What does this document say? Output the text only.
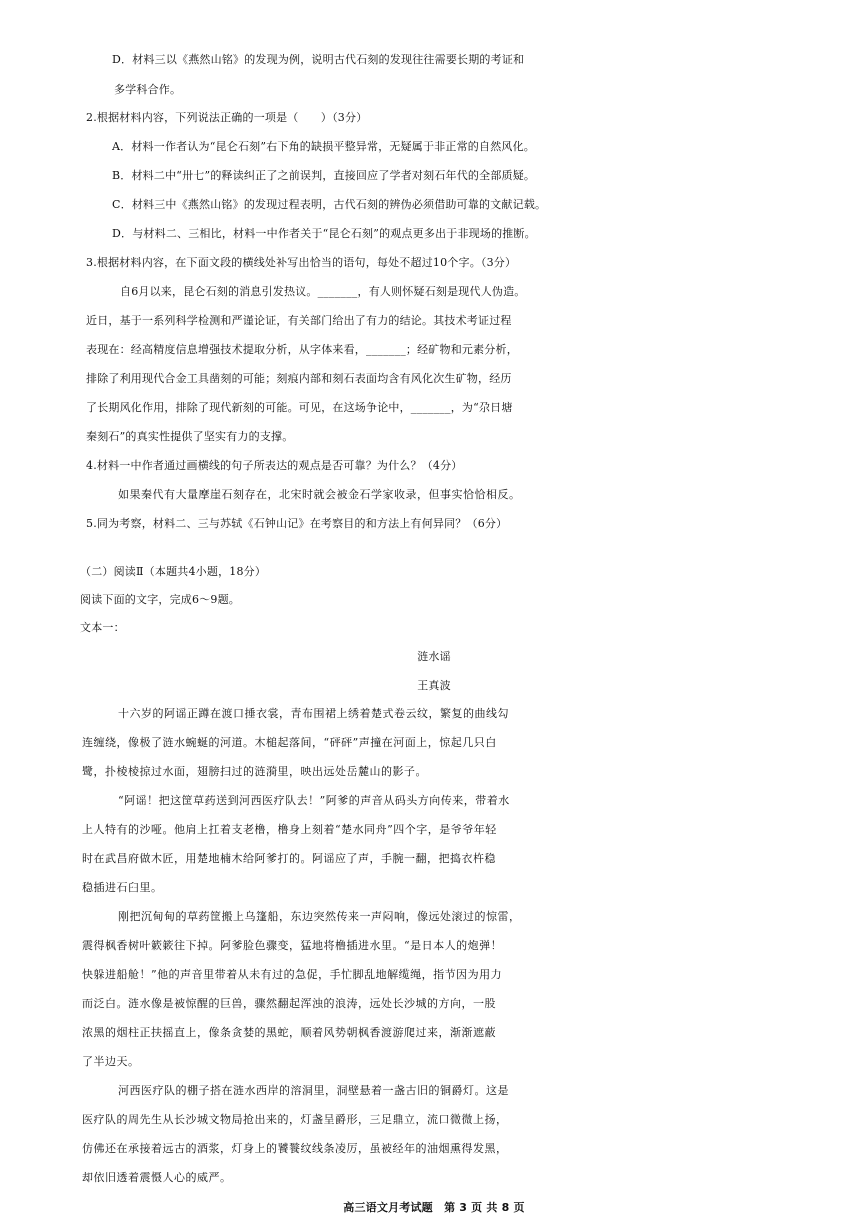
D．材料三以《燕然山铭》的发现为例，说明古代石刻的发现往往需要长期的考证和
多学科合作。
2.根据材料内容，下列说法正确的一项是（　　）（3分）
A．材料一作者认为“昆仑石刻”右下角的缺损平整异常，无疑属于非正常的自然风化。
B．材料二中“卅七”的释读纠正了之前误判，直接回应了学者对刻石年代的全部质疑。
C．材料三中《燕然山铭》的发现过程表明，古代石刻的辨伪必须借助可靠的文献记载。
D．与材料二、三相比，材料一中作者关于“昆仑石刻”的观点更多出于非现场的推断。
3.根据材料内容，在下面文段的横线处补写出恰当的语句，每处不超过10个字。（3分）
自6月以来，昆仑石刻的消息引发热议。_______，有人则怀疑石刻是现代人伪造。
近日，基于一系列科学检测和严谨论证，有关部门给出了有力的结论。其技术考证过程
表现在：经高精度信息增强技术提取分析，从字体来看，_______；经矿物和元素分析，
排除了利用现代合金工具凿刻的可能；刻痕内部和刻石表面均含有风化次生矿物，经历
了长期风化作用，排除了现代新刻的可能。可见，在这场争论中，_______，为“尕日塘
秦刻石”的真实性提供了坚实有力的支撑。
4.材料一中作者通过画横线的句子所表达的观点是否可靠？为什么？（4分）
如果秦代有大量摩崖石刻存在，北宋时就会被金石学家收录，但事实恰恰相反。
5.同为考察，材料二、三与苏轼《石钟山记》在考察目的和方法上有何异同？（6分）
（二）阅读Ⅱ（本题共4小题，18分）
阅读下面的文字，完成6～9题。
文本一：
涟水谣
王真波
十六岁的阿谣正蹲在渡口捶衣裳，青布围裙上绣着楚式卷云纹，繁复的曲线勾
连缠绕，像极了涟水蜿蜒的河道。木槌起落间，“砰砰”声撞在河面上，惊起几只白
鹭，扑棱棱掠过水面，翅膀扫过的涟漪里，映出远处岳麓山的影子。
“阿谣！把这筐草药送到河西医疗队去！”阿爹的声音从码头方向传来，带着水
上人特有的沙哑。他肩上扛着支老橹，橹身上刻着“楚水同舟”四个字，是爷爷年轻
时在武昌府做木匠，用楚地楠木给阿爹打的。阿谣应了声，手腕一翻，把捣衣杵稳
稳插进石臼里。
刚把沉甸甸的草药筐搬上乌篷船，东边突然传来一声闷响，像远处滚过的惊雷，
震得枫香树叶簌簌往下掉。阿爹脸色骤变，猛地将橹插进水里。“是日本人的炮弹！
快躲进船舱！”他的声音里带着从未有过的急促，手忙脚乱地解缆绳，指节因为用力
而泛白。涟水像是被惊醒的巨兽，骤然翻起浑浊的浪涛，远处长沙城的方向，一股
浓黑的烟柱正扶摇直上，像条贪婪的黑蛇，顺着风势朝枫香渡游爬过来，渐渐遮蔽
了半边天。
河西医疗队的棚子搭在涟水西岸的溶洞里，洞壁悬着一盏古旧的铜爵灯。这是
医疗队的周先生从长沙城文物局抢出来的，灯盏呈爵形，三足鼎立，流口微微上扬，
仿佛还在承接着远古的酒浆，灯身上的饕餮纹线条凌厉，虽被经年的油烟熏得发黑，
却依旧透着震慑人心的威严。
高三语文月考试题　第 3 页 共 8 页
